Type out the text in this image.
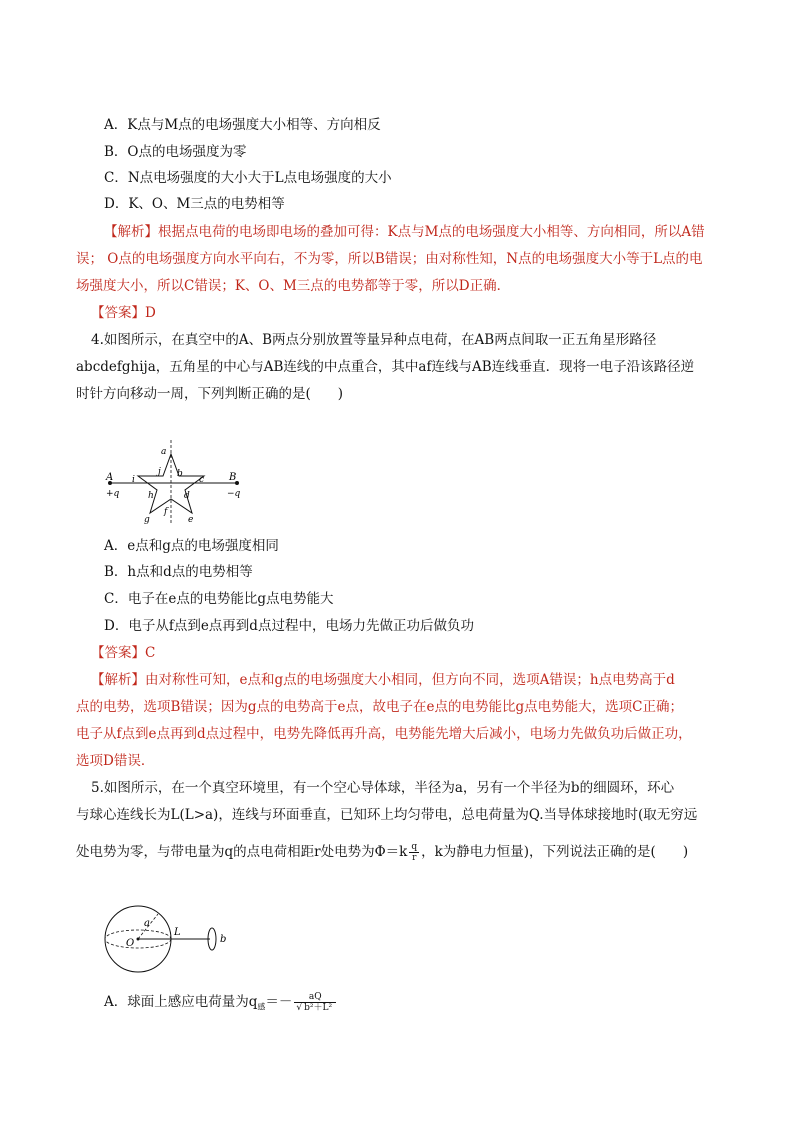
A．K点与M点的电场强度大小相等、方向相反
B．O点的电场强度为零
C．N点电场强度的大小大于L点电场强度的大小
D．K、O、M三点的电势相等
【解析】根据点电荷的电场即电场的叠加可得：K点与M点的电场强度大小相等、方向相同，所以A错误； O点的电场强度方向水平向右，不为零，所以B错误；由对称性知，N点的电场强度大小等于L点的电场强度大小，所以C错误；K、O、M三点的电势都等于零，所以D正确．
【答案】D
4.如图所示，在真空中的A、B两点分别放置等量异种点电荷，在AB两点间取一正五角星形路径
abcdefghija，五角星的中心与AB连线的中点重合，其中af连线与AB连线垂直．现将一电子沿该路径逆
时针方向移动一周，下列判断正确的是(　　)
A	B
+q	−q
a
b
c
d
e
f
g
h
i
j
A．e点和g点的电场强度相同
B．h点和d点的电势相等
C．电子在e点的电势能比g点电势能大
D．电子从f点到e点再到d点过程中，电场力先做正功后做负功
【答案】C
【解析】由对称性可知，e点和g点的电场强度大小相同，但方向不同，选项A错误；h点电势高于d
点的电势，选项B错误；因为g点的电势高于e点，故电子在e点的电势能比g点电势能大，选项C正确；
电子从f点到e点再到d点过程中，电势先降低再升高，电势能先增大后减小，电场力先做负功后做正功，
选项D错误．
5.如图所示，在一个真空环境里，有一个空心导体球，半径为a，另有一个半径为b的细圆环，环心
与球心连线长为L(L>a)，连线与环面垂直，已知环上均匀带电，总电荷量为Q.当导体球接地时(取无穷远
处电势为零，与带电量为q的点电荷相距r处电势为$\Phi=k \frac{q}{r}$ ，k为静电力恒量)，下列说法正确的是(　　)
a
O
L
b
A．球面上感应电荷量为$q_感=- \frac{aQ}{\text{√ b²＋L²}}$
